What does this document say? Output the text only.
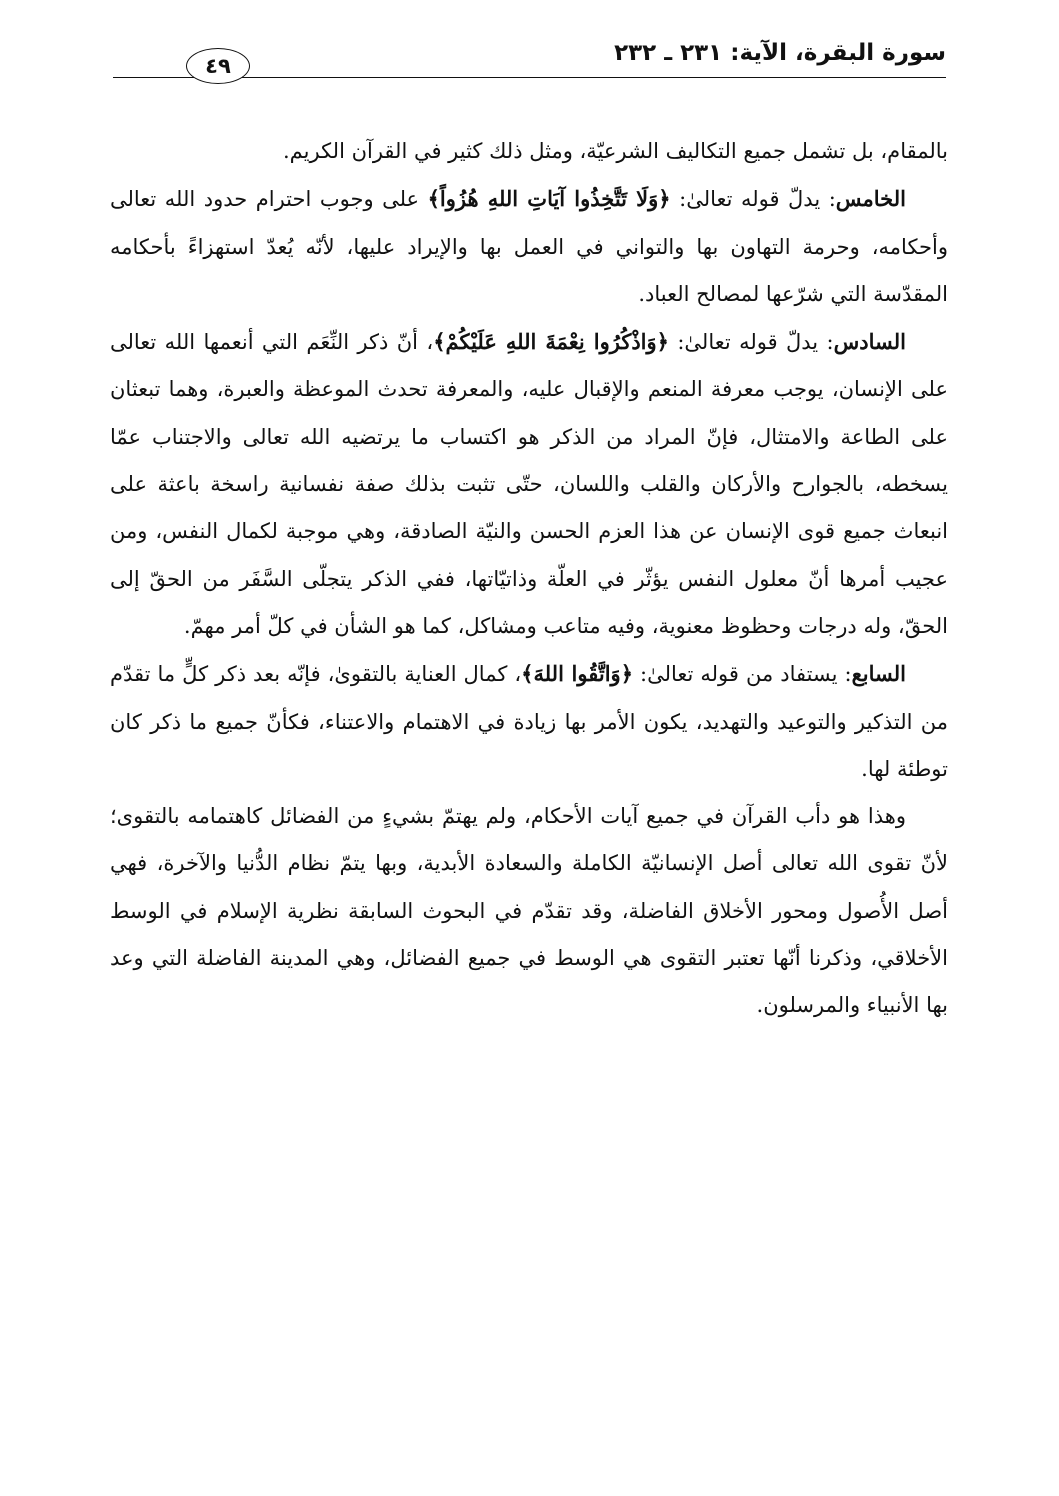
سورة البقرة، الآية: ٢٣١ ـ ٢٣٢
٤٩

بالمقام، بل تشمل جميع التكاليف الشرعيّة، ومثل ذلك كثير في القرآن الكريم.

الخامس: يدلّ قوله تعالىٰ: ﴿وَلَا تَتَّخِذُوا آيَاتِ اللهِ هُزُواً﴾ على وجوب احترام حدود الله تعالى وأحكامه، وحرمة التهاون بها والتواني في العمل بها والإيراد عليها، لأنّه يُعدّ استهزاءً بأحكامه المقدّسة التي شرّعها لمصالح العباد.

السادس: يدلّ قوله تعالىٰ: ﴿وَاذْكُرُوا نِعْمَةَ اللهِ عَلَيْكُمْ﴾، أنّ ذكر النِّعَم التي أنعمها الله تعالى على الإنسان، يوجب معرفة المنعم والإقبال عليه، والمعرفة تحدث الموعظة والعبرة، وهما تبعثان على الطاعة والامتثال، فإنّ المراد من الذكر هو اكتساب ما يرتضيه الله تعالى والاجتناب عمّا يسخطه، بالجوارح والأركان والقلب واللسان، حتّى تثبت بذلك صفة نفسانية راسخة باعثة على انبعاث جميع قوى الإنسان عن هذا العزم الحسن والنيّة الصادقة، وهي موجبة لكمال النفس، ومن عجيب أمرها أنّ معلول النفس يؤثّر في العلّة وذاتيّاتها، ففي الذكر يتجلّى السَّفَر من الحقّ إلى الحقّ، وله درجات وحظوظ معنوية، وفيه متاعب ومشاكل، كما هو الشأن في كلّ أمر مهمّ.

السابع: يستفاد من قوله تعالىٰ: ﴿وَاتَّقُوا اللهَ﴾، كمال العناية بالتقوىٰ، فإنّه بعد ذكر كلٍّ ما تقدّم من التذكير والتوعيد والتهديد، يكون الأمر بها زيادة في الاهتمام والاعتناء، فكأنّ جميع ما ذكر كان توطئة لها.

وهذا هو دأب القرآن في جميع آيات الأحكام، ولم يهتمّ بشيءٍ من الفضائل كاهتمامه بالتقوى؛ لأنّ تقوى الله تعالى أصل الإنسانيّة الكاملة والسعادة الأبدية، وبها يتمّ نظام الدُّنيا والآخرة، فهي أصل الأُصول ومحور الأخلاق الفاضلة، وقد تقدّم في البحوث السابقة نظرية الإسلام في الوسط الأخلاقي، وذكرنا أنّها تعتبر التقوى هي الوسط في جميع الفضائل، وهي المدينة الفاضلة التي وعد بها الأنبياء والمرسلون.
